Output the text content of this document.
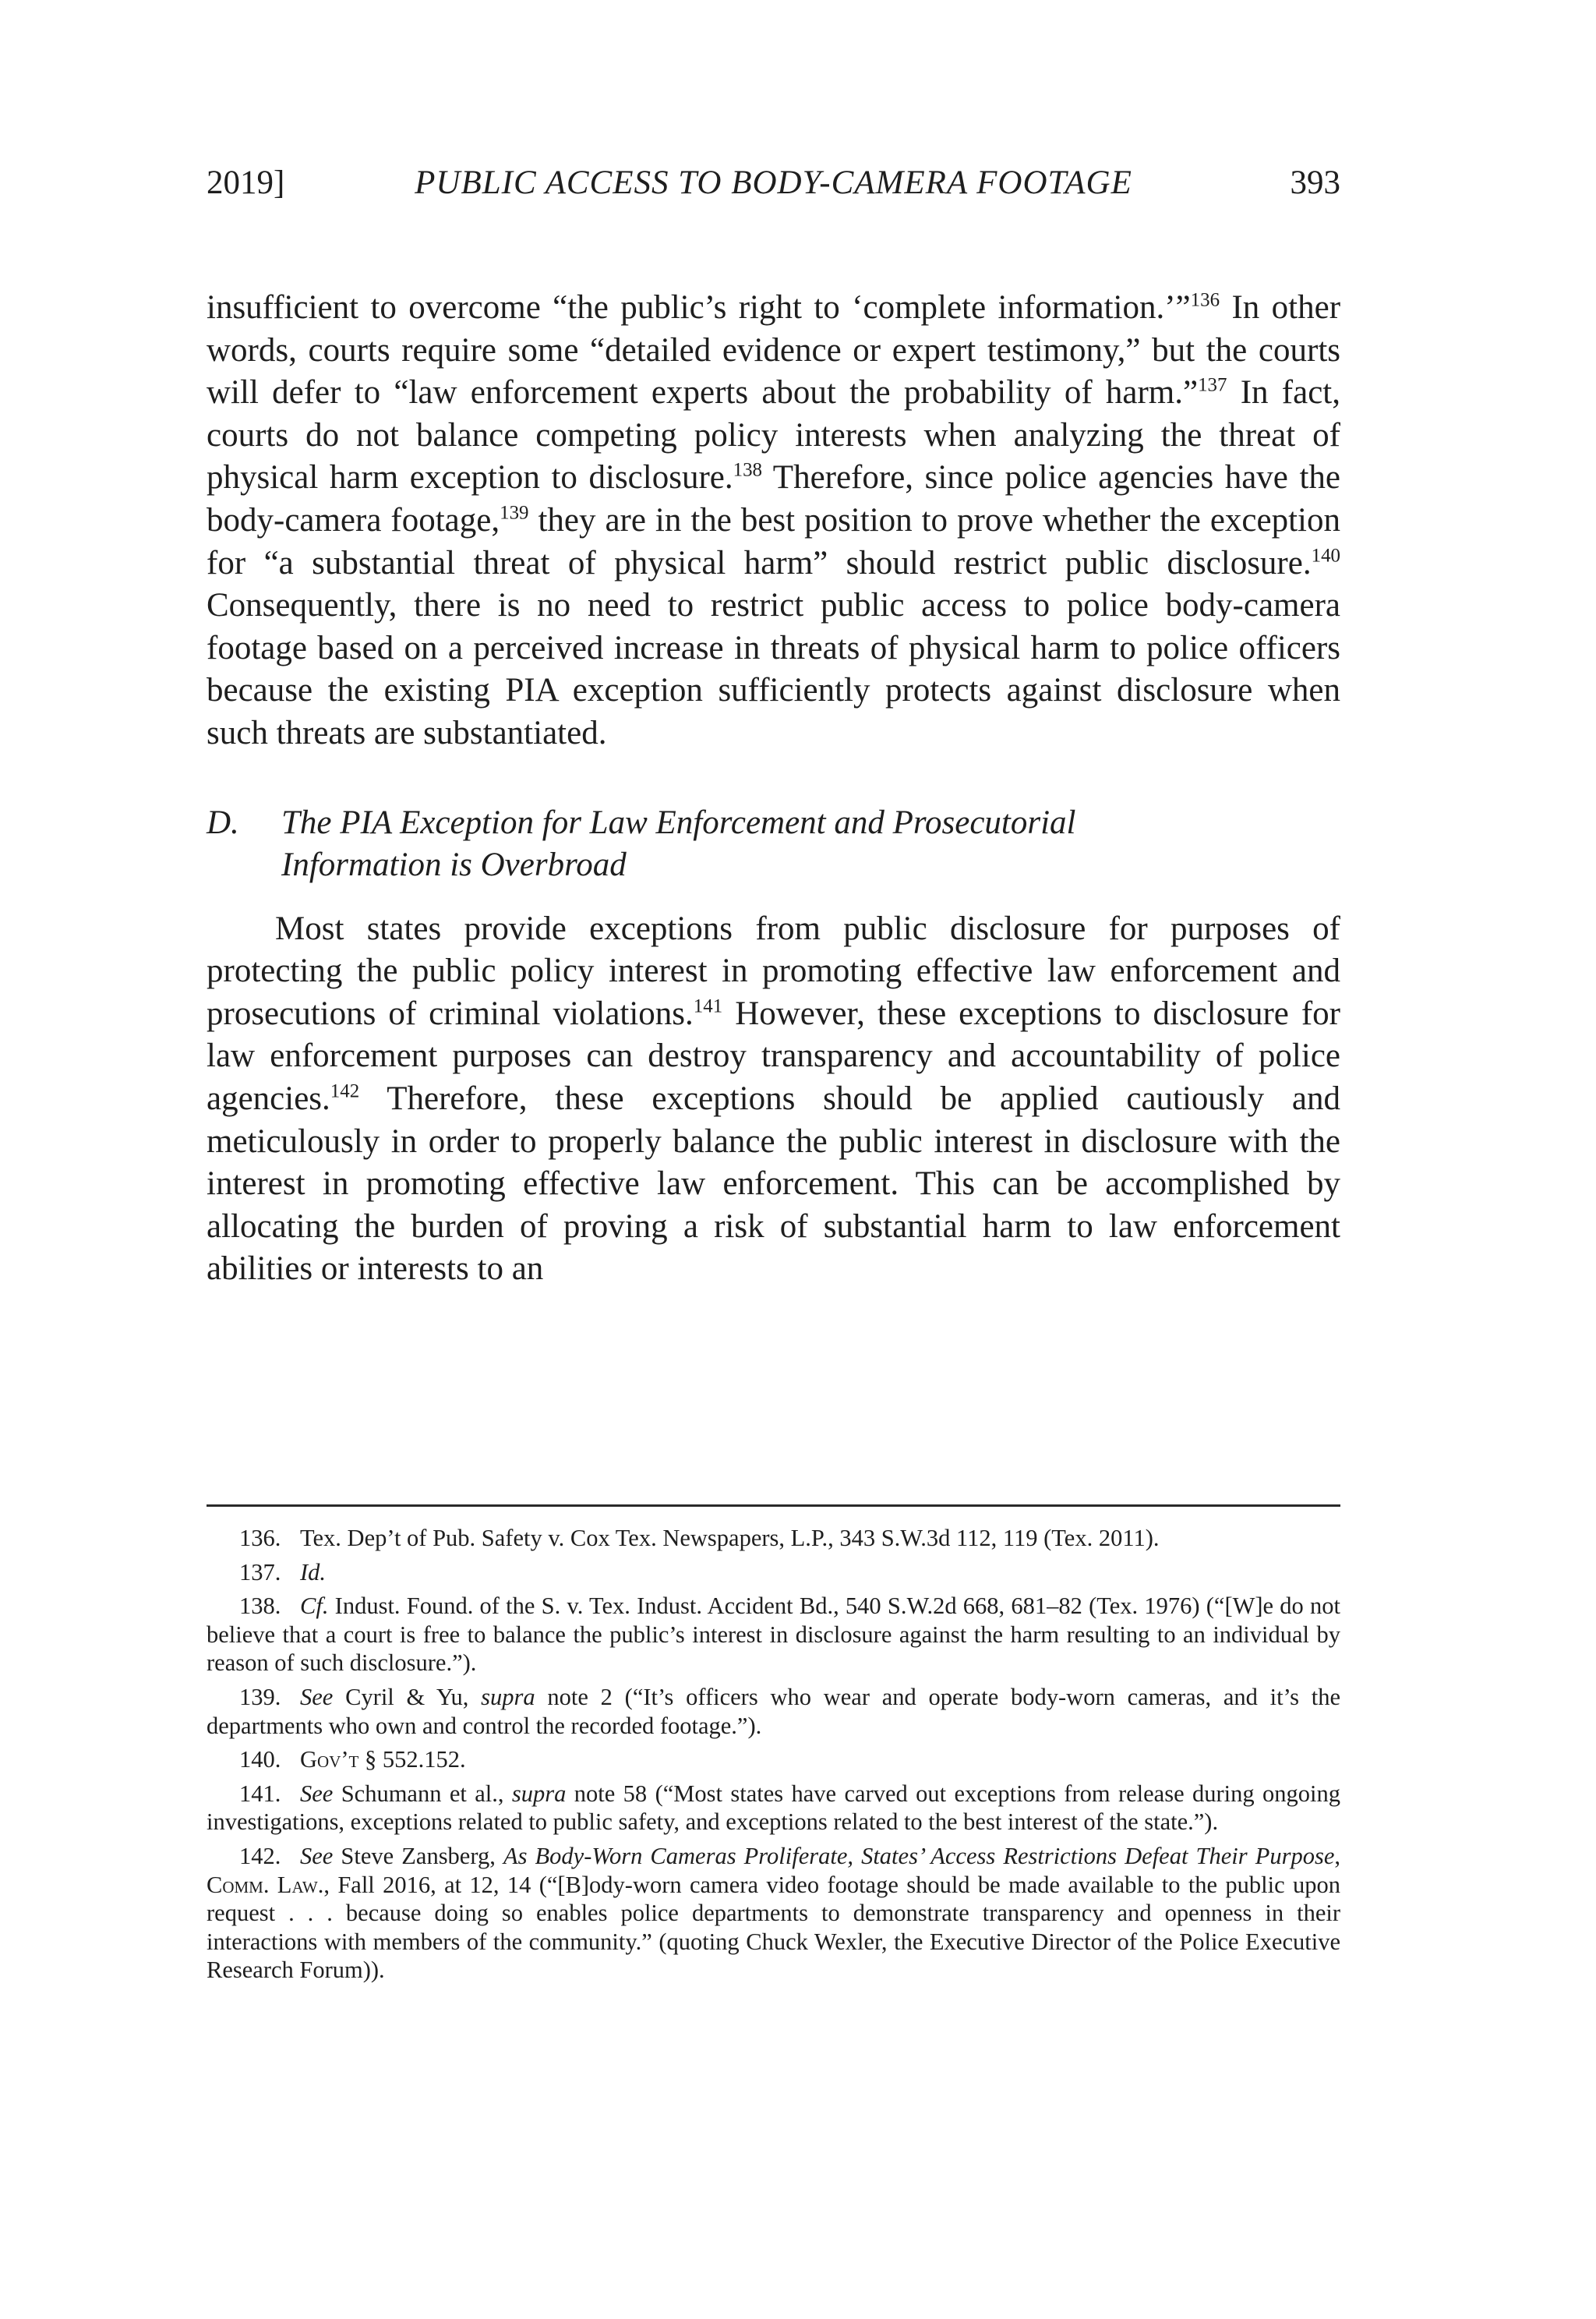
2019]	PUBLIC ACCESS TO BODY-CAMERA FOOTAGE	393

insufficient to overcome “the public’s right to ‘complete information.’”$^{136}$ In other words, courts require some “detailed evidence or expert testimony,” but the courts will defer to “law enforcement experts about the probability of harm.”$^{137}$ In fact, courts do not balance competing policy interests when analyzing the threat of physical harm exception to disclosure.$^{138}$ Therefore, since police agencies have the body-camera footage,$^{139}$ they are in the best position to prove whether the exception for “a substantial threat of physical harm” should restrict public disclosure.$^{140}$ Consequently, there is no need to restrict public access to police body-camera footage based on a perceived increase in threats of physical harm to police officers because the existing PIA exception sufficiently protects against disclosure when such threats are substantiated.

D.	The PIA Exception for Law Enforcement and Prosecutorial Information is Overbroad

Most states provide exceptions from public disclosure for purposes of protecting the public policy interest in promoting effective law enforcement and prosecutions of criminal violations.$^{141}$ However, these exceptions to disclosure for law enforcement purposes can destroy transparency and accountability of police agencies.$^{142}$ Therefore, these exceptions should be applied cautiously and meticulously in order to properly balance the public interest in disclosure with the interest in promoting effective law enforcement. This can be accomplished by allocating the burden of proving a risk of substantial harm to law enforcement abilities or interests to an

136. Tex. Dep’t of Pub. Safety v. Cox Tex. Newspapers, L.P., 343 S.W.3d 112, 119 (Tex. 2011).

137. Id.

138. Cf. Indust. Found. of the S. v. Tex. Indust. Accident Bd., 540 S.W.2d 668, 681–82 (Tex. 1976) (“[W]e do not believe that a court is free to balance the public’s interest in disclosure against the harm resulting to an individual by reason of such disclosure.”).

139. See Cyril & Yu, supra note 2 (“It’s officers who wear and operate body-worn cameras, and it’s the departments who own and control the recorded footage.”).

140. Gov’t § 552.152.

141. See Schumann et al., supra note 58 (“Most states have carved out exceptions from release during ongoing investigations, exceptions related to public safety, and exceptions related to the best interest of the state.”).

142. See Steve Zansberg, As Body-Worn Cameras Proliferate, States’ Access Restrictions Defeat Their Purpose, Comm. Law., Fall 2016, at 12, 14 (“[B]ody-worn camera video footage should be made available to the public upon request . . . because doing so enables police departments to demonstrate transparency and openness in their interactions with members of the community.” (quoting Chuck Wexler, the Executive Director of the Police Executive Research Forum)).
